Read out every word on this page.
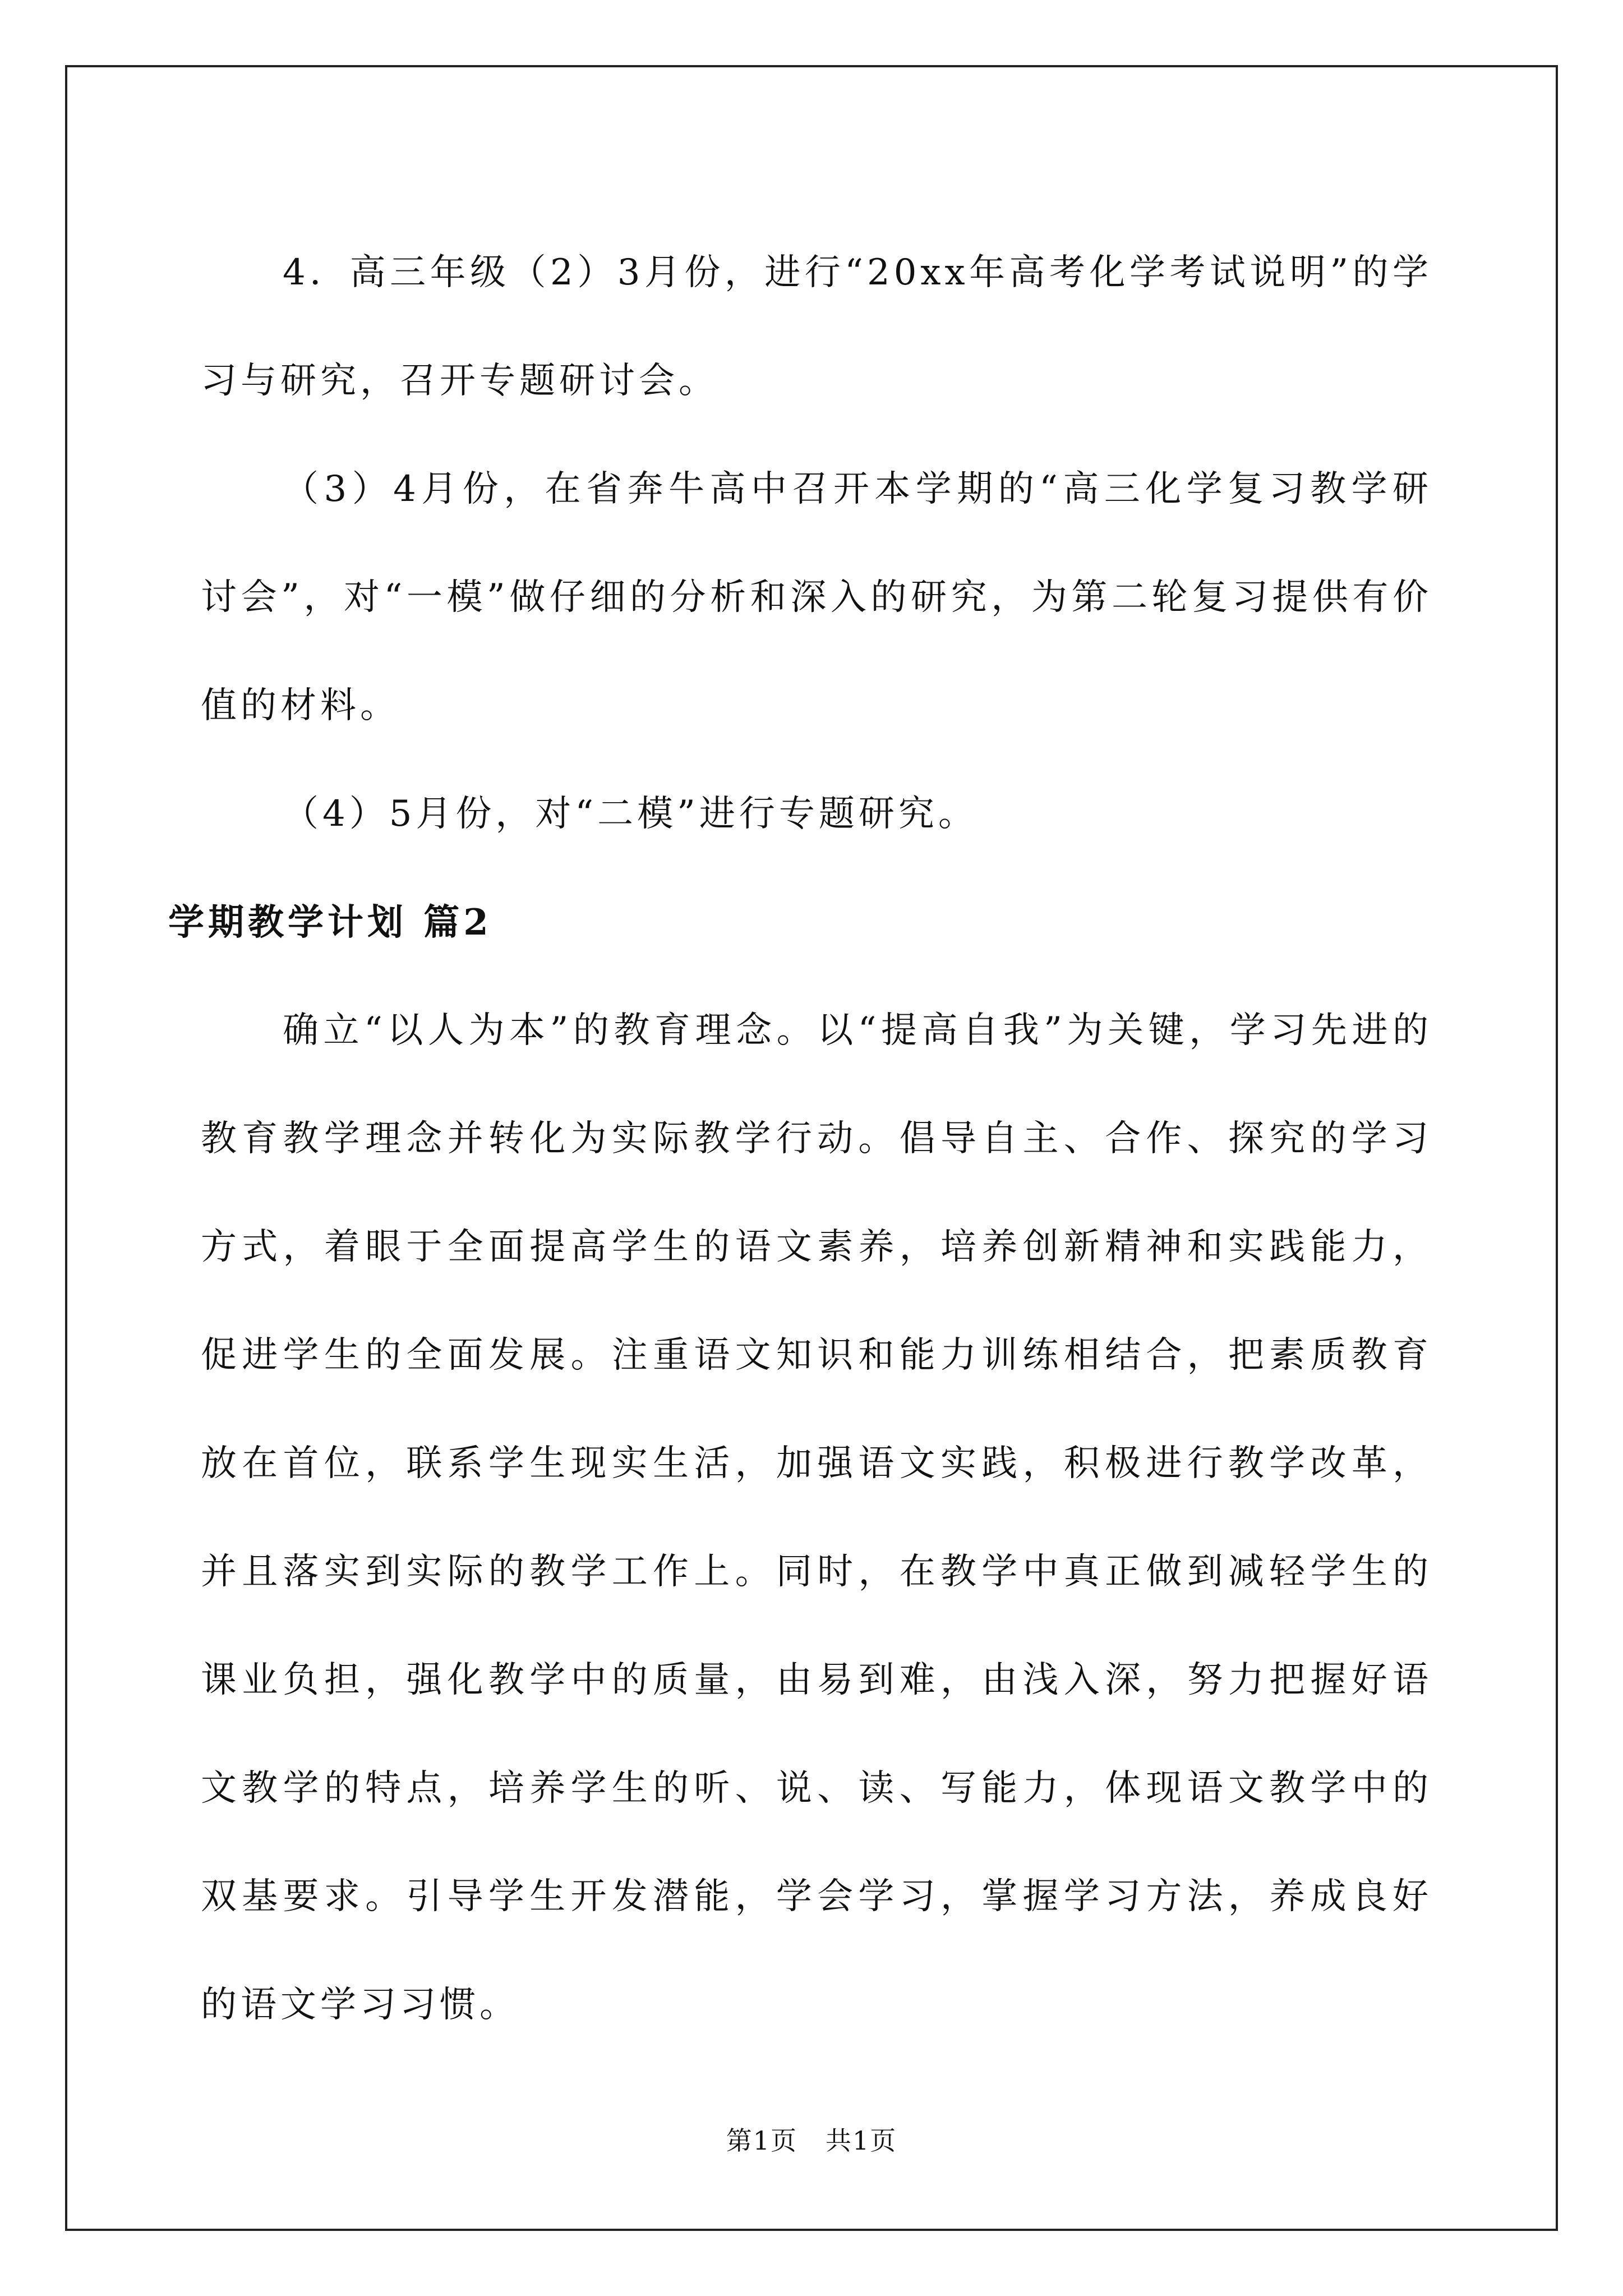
4．高三年级（2）3月份，进行“20xx年高考化学考试说明”的学习与研究，召开专题研讨会。

（3）4月份，在省奔牛高中召开本学期的“高三化学复习教学研讨会”，对“一模”做仔细的分析和深入的研究，为第二轮复习提供有价值的材料。

（4）5月份，对“二模”进行专题研究。

学期教学计划 篇2

确立“以人为本”的教育理念。以“提高自我”为关键，学习先进的教育教学理念并转化为实际教学行动。倡导自主、合作、探究的学习方式，着眼于全面提高学生的语文素养，培养创新精神和实践能力，促进学生的全面发展。注重语文知识和能力训练相结合，把素质教育放在首位，联系学生现实生活，加强语文实践，积极进行教学改革，并且落实到实际的教学工作上。同时，在教学中真正做到减轻学生的课业负担，强化教学中的质量，由易到难，由浅入深，努力把握好语文教学的特点，培养学生的听、说、读、写能力，体现语文教学中的双基要求。引导学生开发潜能，学会学习，掌握学习方法，养成良好的语文学习习惯。

第1页 共1页
